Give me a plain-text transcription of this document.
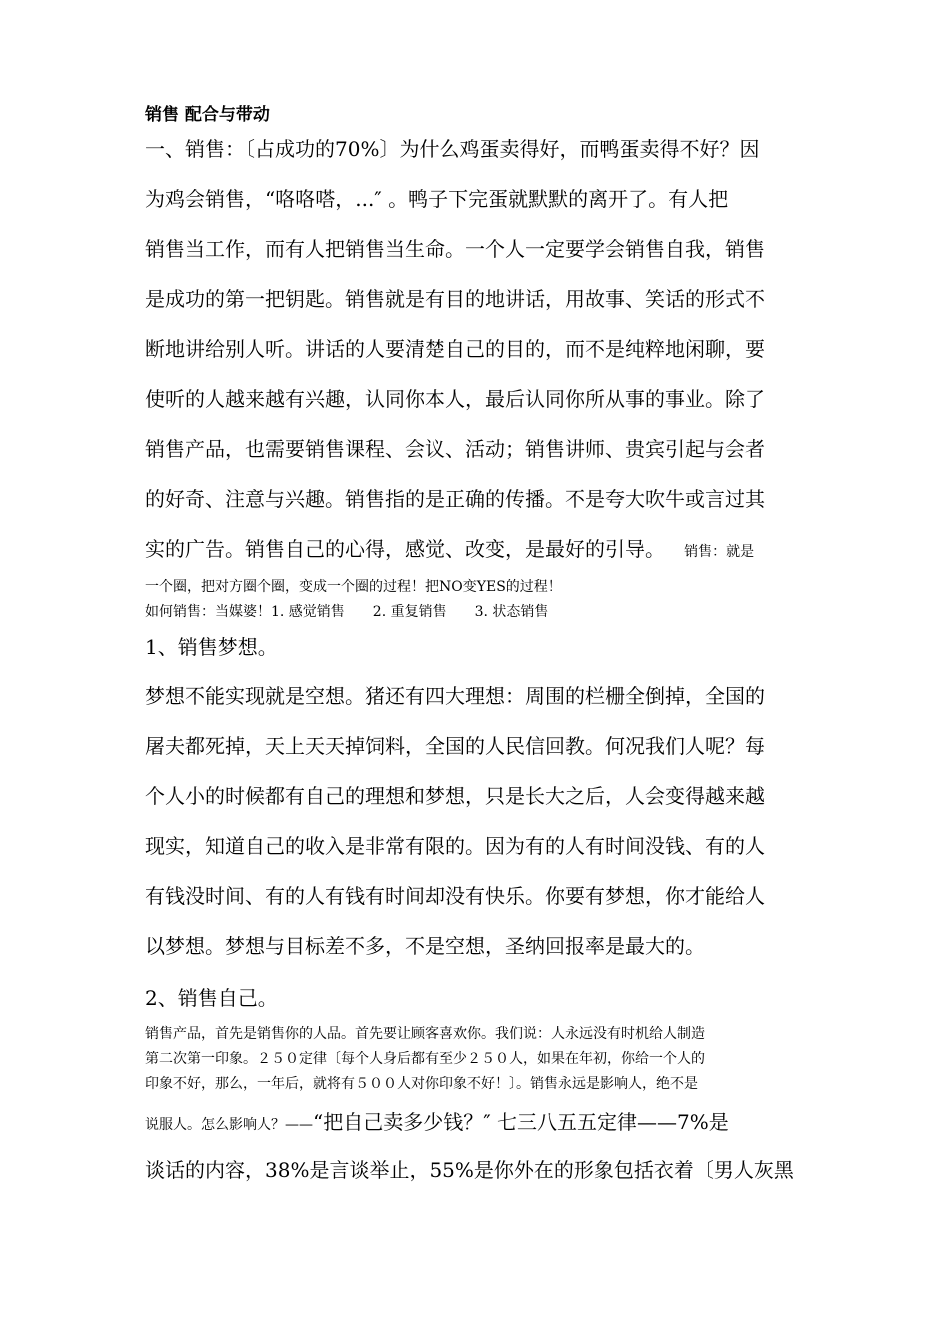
销售 配合与带动
一、销售：〔占成功的70%〕为什么鸡蛋卖得好，而鸭蛋卖得不好？因
为鸡会销售，“咯咯嗒，...″ 。鸭子下完蛋就默默的离开了。有人把
销售当工作，而有人把销售当生命。一个人一定要学会销售自我，销售
是成功的第一把钥匙。销售就是有目的地讲话，用故事、笑话的形式不
断地讲给别人听。讲话的人要清楚自己的目的，而不是纯粹地闲聊，要
使听的人越来越有兴趣，认同你本人，最后认同你所从事的事业。除了
销售产品，也需要销售课程、会议、活动；销售讲师、贵宾引起与会者
的好奇、注意与兴趣。销售指的是正确的传播。不是夸大吹牛或言过其
实的广告。销售自己的心得，感觉、改变，是最好的引导。 销售：就是
一个圈，把对方圈个圈，变成一个圈的过程！把NO变YES的过程！
如何销售：当媒婆！1. 感觉销售　　2. 重复销售　　3. 状态销售
1、销售梦想。
梦想不能实现就是空想。猪还有四大理想：周围的栏栅全倒掉，全国的
屠夫都死掉，天上天天掉饲料，全国的人民信回教。何况我们人呢？每
个人小的时候都有自己的理想和梦想，只是长大之后，人会变得越来越
现实，知道自己的收入是非常有限的。因为有的人有时间没钱、有的人
有钱没时间、有的人有钱有时间却没有快乐。你要有梦想，你才能给人
以梦想。梦想与目标差不多，不是空想，圣纳回报率是最大的。
2、销售自己。
销售产品，首先是销售你的人品。首先要让顾客喜欢你。我们说：人永远没有时机给人制造
第二次第一印象。２５０定律〔每个人身后都有至少２５０人，如果在年初，你给一个人的
印象不好，那么，一年后，就将有５００人对你印象不好！〕。销售永远是影响人，绝不是
说服人。怎么影响人？——“把自己卖多少钱？″ 七三八五五定律——7%是
谈话的内容，38%是言谈举止，55%是你外在的形象包括衣着〔男人灰黑
